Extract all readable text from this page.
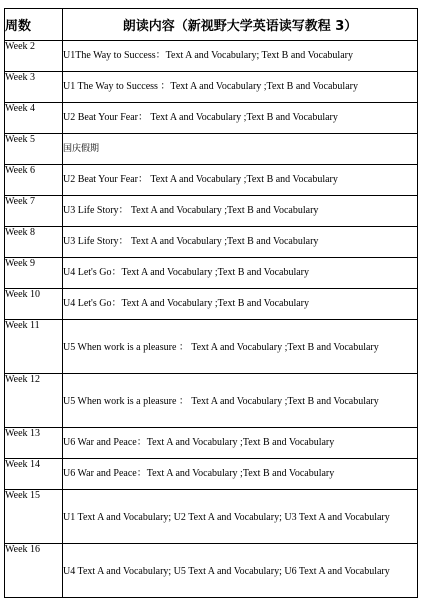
周数	朗读内容（新视野大学英语读写教程 3）
Week 2	U1The Way to Success：Text A and Vocabulary; Text B and Vocabulary
Week 3	U1 The Way to Success ：Text A and Vocabulary ;Text B and Vocabulary
Week 4	U2 Beat Your Fear： Text A and Vocabulary ;Text B and Vocabulary
Week 5	国庆假期
Week 6	U2 Beat Your Fear： Text A and Vocabulary ;Text B and Vocabulary
Week 7	U3 Life Story： Text A and Vocabulary ;Text B and Vocabulary
Week 8	U3 Life Story： Text A and Vocabulary ;Text B and Vocabulary
Week 9	U4 Let's Go：Text A and Vocabulary ;Text B and Vocabulary
Week 10	U4 Let's Go：Text A and Vocabulary ;Text B and Vocabulary
Week 11	U5 When work is a pleasure ： Text A and Vocabulary ;Text B and Vocabulary
Week 12	U5 When work is a pleasure ： Text A and Vocabulary ;Text B and Vocabulary
Week 13	U6 War and Peace：Text A and Vocabulary ;Text B and Vocabulary
Week 14	U6 War and Peace：Text A and Vocabulary ;Text B and Vocabulary
Week 15	U1 Text A and Vocabulary; U2 Text A and Vocabulary; U3 Text A and Vocabulary
Week 16	U4 Text A and Vocabulary; U5 Text A and Vocabulary; U6 Text A and Vocabulary
